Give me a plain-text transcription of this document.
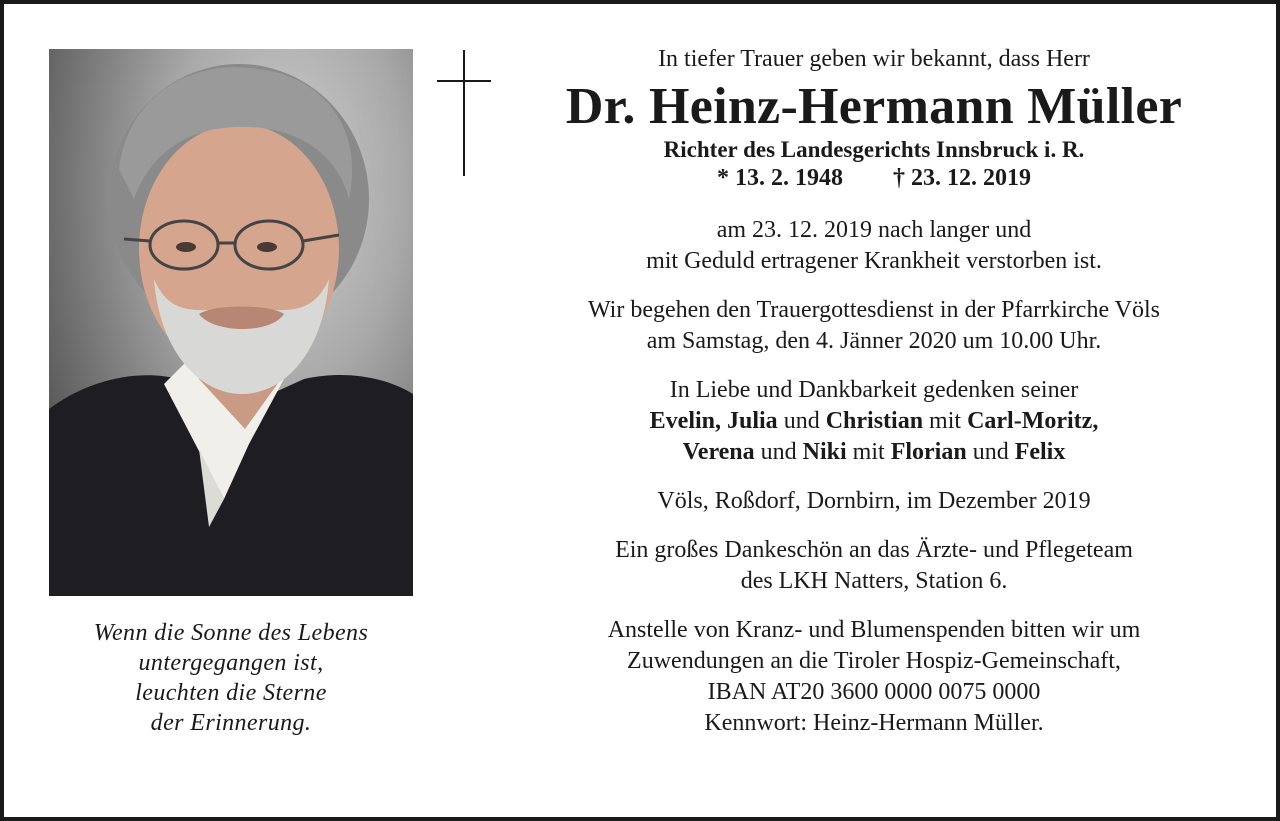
Wenn die Sonne des Lebens
untergegangen ist,
leuchten die Sterne
der Erinnerung.
In tiefer Trauer geben wir bekannt, dass Herr
Dr. Heinz-Hermann Müller
Richter des Landesgerichts Innsbruck i. R.
* 13. 2. 1948 † 23. 12. 2019
am 23. 12. 2019 nach langer und
mit Geduld ertragener Krankheit verstorben ist.
Wir begehen den Trauergottesdienst in der Pfarrkirche Völs
am Samstag, den 4. Jänner 2020 um 10.00 Uhr.
In Liebe und Dankbarkeit gedenken seiner
Evelin, Julia und Christian mit Carl-Moritz,
Verena und Niki mit Florian und Felix
Völs, Roßdorf, Dornbirn, im Dezember 2019
Ein großes Dankeschön an das Ärzte- und Pflegeteam
des LKH Natters, Station 6.
Anstelle von Kranz- und Blumenspenden bitten wir um
Zuwendungen an die Tiroler Hospiz-Gemeinschaft,
IBAN AT20 3600 0000 0075 0000
Kennwort: Heinz-Hermann Müller.
